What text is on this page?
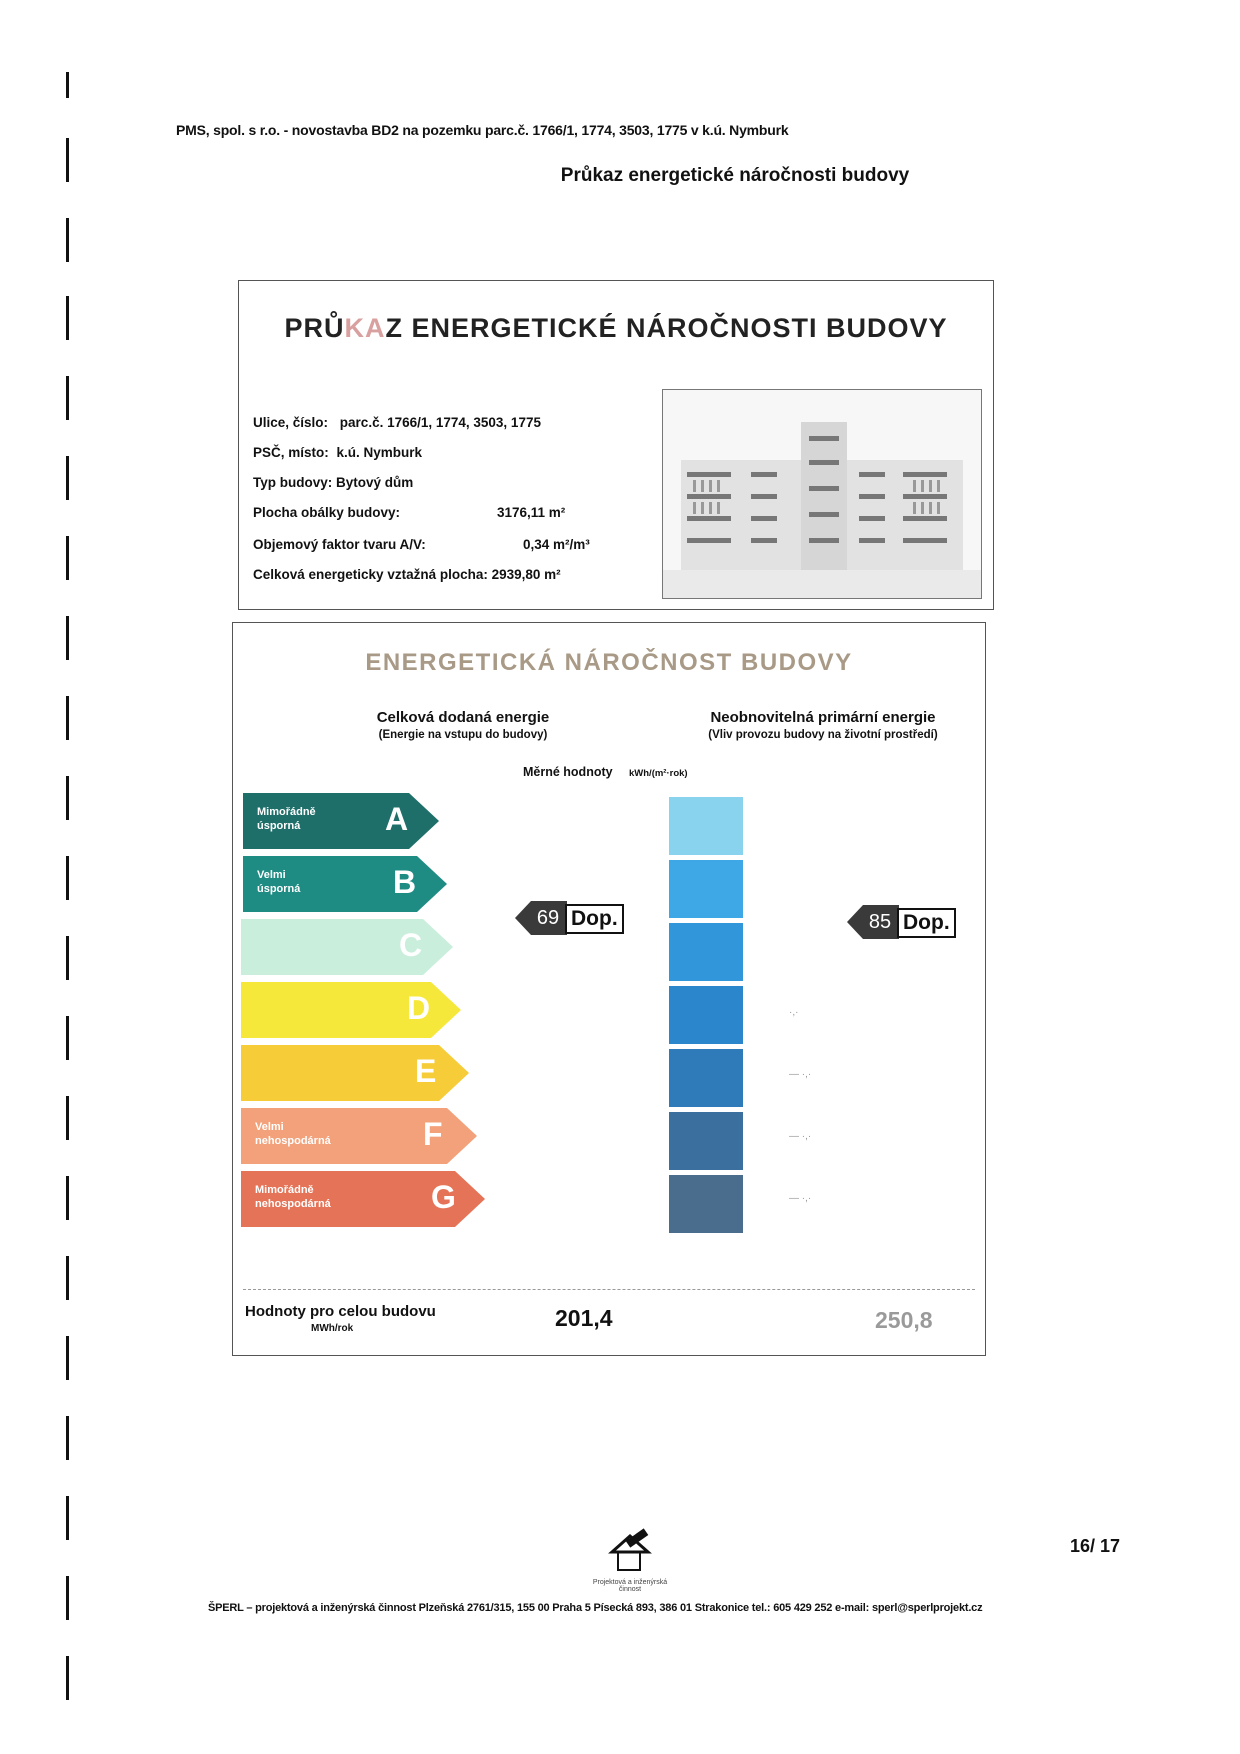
PMS, spol. s r.o. - novostavba BD2 na pozemku parc.č. 1766/1, 1774, 3503, 1775 v k.ú. Nymburk
Průkaz energetické náročnosti budovy
PRŮKAZ ENERGETICKÉ NÁROČNOSTI BUDOVY
Ulice, číslo: parc.č. 1766/1, 1774, 3503, 1775
PSČ, místo: k.ú. Nymburk
Typ budovy: Bytový dům
Plocha obálky budovy:	3176,11 m²
Objemový faktor tvaru A/V:	0,34 m²/m³
Celková energeticky vztažná plocha: 2939,80 m²
ENERGETICKÁ NÁROČNOST BUDOVY
Celková dodaná energie
(Energie na vstupu do budovy)
Neobnovitelná primární energie
(Vliv provozu budovy na životní prostředí)
Měrné hodnoty kWh/(m²·rok)
69 Dop.	85 Dop.
·,·
— ·,·
— ·,·
— ·,·
Hodnoty pro celou budovu
MWh/rok	201,4	250,8
Mimořádně
úsporná	A
Velmi
úsporná	B

C

D

E
Velmi
nehospodárná	F
Mimořádně
nehospodárná	G
16/ 17
Projektová a inženýrská činnost
ŠPERL – projektová a inženýrská činnost Plzeňská 2761/315, 155 00 Praha 5 Písecká 893, 386 01 Strakonice tel.: 605 429 252 e-mail: sperl@sperlprojekt.cz
